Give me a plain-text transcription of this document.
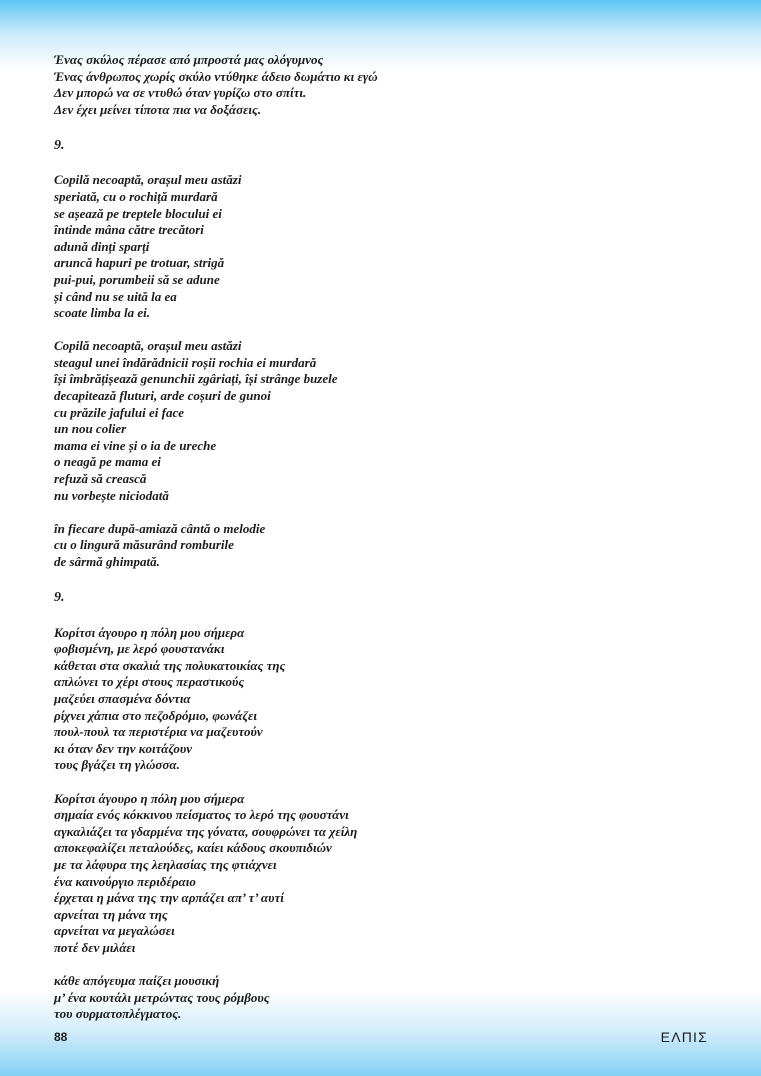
Ένας σκύλος πέρασε από μπροστά μας ολόγυμνος
Ένας άνθρωπος χωρίς σκύλο ντύθηκε άδειο δωμάτιο κι εγώ
Δεν μπορώ να σε ντυθώ όταν γυρίζω στο σπίτι.
Δεν έχει μείνει τίποτα πια να δοξάσεις.
9.
Copilă necoaptă, orașul meu astăzi
speriată, cu o rochiță murdară
se așează pe treptele blocului ei
întinde mâna către trecători
adună dinți sparți
aruncă hapuri pe trotuar, strigă
pui-pui, porumbeii să se adune
și când nu se uită la ea
scoate limba la ei.
Copilă necoaptă, orașul meu astăzi
steagul unei îndărădnicii roșii rochia ei murdară
își îmbrățișează genunchii zgâriați, își strânge buzele
decapitează fluturi, arde coșuri de gunoi
cu prăzile jafului ei face
un nou colier
mama ei vine și o ia de ureche
o neagă pe mama ei
refuză să crească
nu vorbește niciodată
în fiecare după-amiază cântă o melodie
cu o lingură măsurând romburile
de sârmă ghimpată.
9.
Κορίτσι άγουρο η πόλη μου σήμερα
φοβισμένη, με λερό φουστανάκι
κάθεται στα σκαλιά της πολυκατοικίας της
απλώνει το χέρι στους περαστικούς
μαζεύει σπασμένα δόντια
ρίχνει χάπια στο πεζοδρόμιο, φωνάζει
πουλ-πουλ τα περιστέρια να μαζευτούν
κι όταν δεν την κοιτάζουν
τους βγάζει τη γλώσσα.
Κορίτσι άγουρο η πόλη μου σήμερα
σημαία ενός κόκκινου πείσματος το λερό της φουστάνι
αγκαλιάζει τα γδαρμένα της γόνατα, σουφρώνει τα χείλη
αποκεφαλίζει πεταλούδες, καίει κάδους σκουπιδιών
με τα λάφυρα της λεηλασίας της φτιάχνει
ένα καινούργιο περιδέραιο
έρχεται η μάνα της την αρπάζει απ’ τ’ αυτί
αρνείται τη μάνα της
αρνείται να μεγαλώσει
ποτέ δεν μιλάει
κάθε απόγευμα παίζει μουσική
μ’ ένα κουτάλι μετρώντας τους ρόμβους
του συρματοπλέγματος.
88	ΕΛΠΙΣ
